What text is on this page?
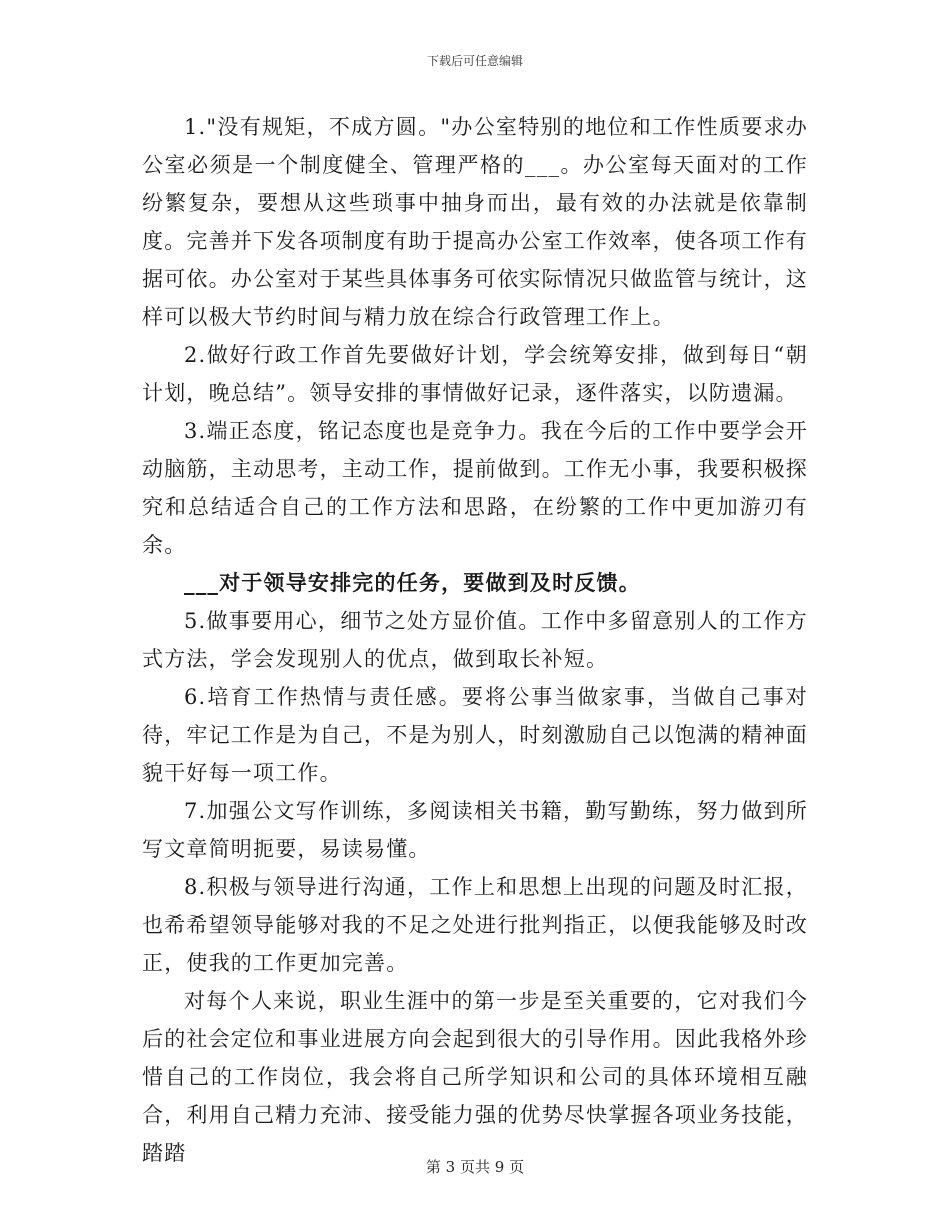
下载后可任意编辑

1."没有规矩，不成方圆。"办公室特别的地位和工作性质要求办公室必须是一个制度健全、管理严格的___。办公室每天面对的工作纷繁复杂，要想从这些琐事中抽身而出，最有效的办法就是依靠制度。完善并下发各项制度有助于提高办公室工作效率，使各项工作有据可依。办公室对于某些具体事务可依实际情况只做监管与统计，这样可以极大节约时间与精力放在综合行政管理工作上。

2.做好行政工作首先要做好计划，学会统筹安排，做到每日“朝计划，晚总结”。领导安排的事情做好记录，逐件落实，以防遗漏。

3.端正态度，铭记态度也是竞争力。我在今后的工作中要学会开动脑筋，主动思考，主动工作，提前做到。工作无小事，我要积极探究和总结适合自己的工作方法和思路，在纷繁的工作中更加游刃有余。

___对于领导安排完的任务，要做到及时反馈。

5.做事要用心，细节之处方显价值。工作中多留意别人的工作方式方法，学会发现别人的优点，做到取长补短。

6.培育工作热情与责任感。要将公事当做家事，当做自己事对待，牢记工作是为自己，不是为别人，时刻激励自己以饱满的精神面貌干好每一项工作。

7.加强公文写作训练，多阅读相关书籍，勤写勤练，努力做到所写文章简明扼要，易读易懂。

8.积极与领导进行沟通，工作上和思想上出现的问题及时汇报，也希希望领导能够对我的不足之处进行批判指正，以便我能够及时改正，使我的工作更加完善。

对每个人来说，职业生涯中的第一步是至关重要的，它对我们今后的社会定位和事业进展方向会起到很大的引导作用。因此我格外珍惜自己的工作岗位，我会将自己所学知识和公司的具体环境相互融合，利用自己精力充沛、接受能力强的优势尽快掌握各项业务技能，踏踏

第 3 页共 9 页
